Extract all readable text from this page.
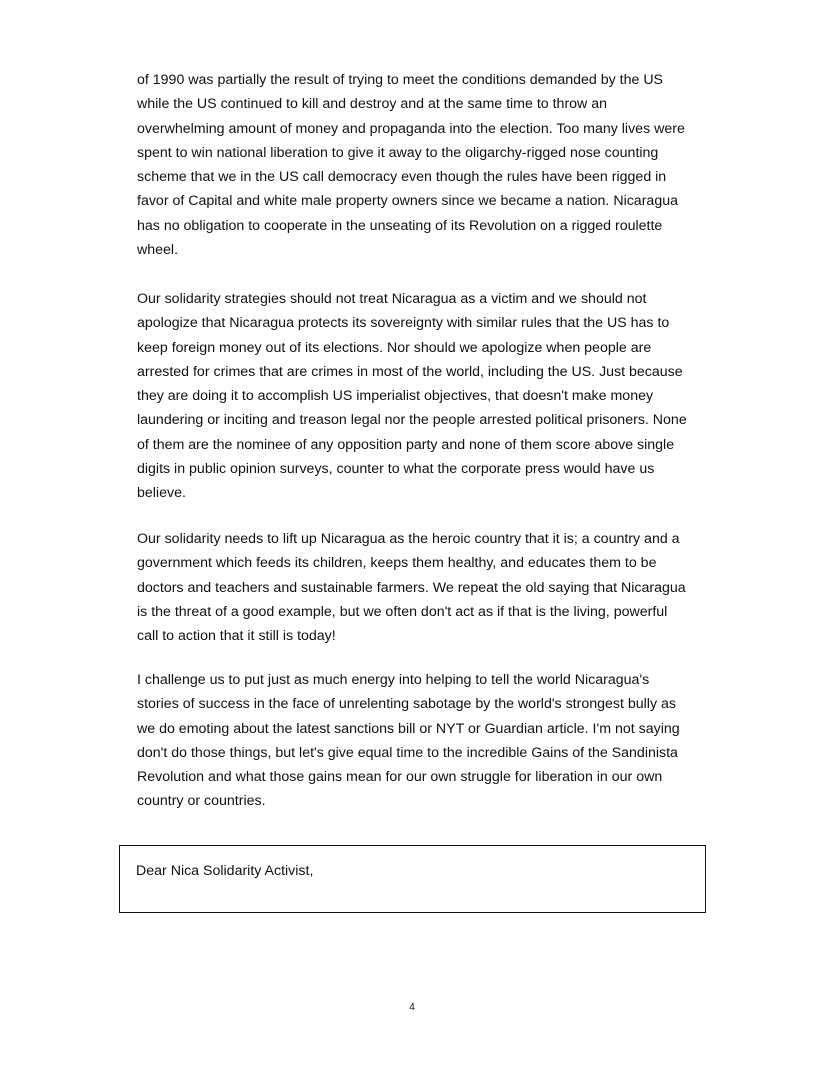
of 1990 was partially the result of trying to meet the conditions demanded by the US
while the US continued to kill and destroy and at the same time to throw an
overwhelming amount of money and propaganda into the election. Too many lives were
spent to win national liberation to give it away to the oligarchy-rigged nose counting
scheme that we in the US call democracy even though the rules have been rigged in
favor of Capital and white male property owners since we became a nation. Nicaragua
has no obligation to cooperate in the unseating of its Revolution on a rigged roulette
wheel.

Our solidarity strategies should not treat Nicaragua as a victim and we should not
apologize that Nicaragua protects its sovereignty with similar rules that the US has to
keep foreign money out of its elections. Nor should we apologize when people are
arrested for crimes that are crimes in most of the world, including the US. Just because
they are doing it to accomplish US imperialist objectives, that doesn't make money
laundering or inciting and treason legal nor the people arrested political prisoners. None
of them are the nominee of any opposition party and none of them score above single
digits in public opinion surveys, counter to what the corporate press would have us
believe.

Our solidarity needs to lift up Nicaragua as the heroic country that it is; a country and a
government which feeds its children, keeps them healthy, and educates them to be
doctors and teachers and sustainable farmers. We repeat the old saying that Nicaragua
is the threat of a good example, but we often don't act as if that is the living, powerful
call to action that it still is today!

I challenge us to put just as much energy into helping to tell the world Nicaragua's
stories of success in the face of unrelenting sabotage by the world's strongest bully as
we do emoting about the latest sanctions bill or NYT or Guardian article. I'm not saying
don't do those things, but let's give equal time to the incredible Gains of the Sandinista
Revolution and what those gains mean for our own struggle for liberation in our own
country or countries.

Dear Nica Solidarity Activist,
4
